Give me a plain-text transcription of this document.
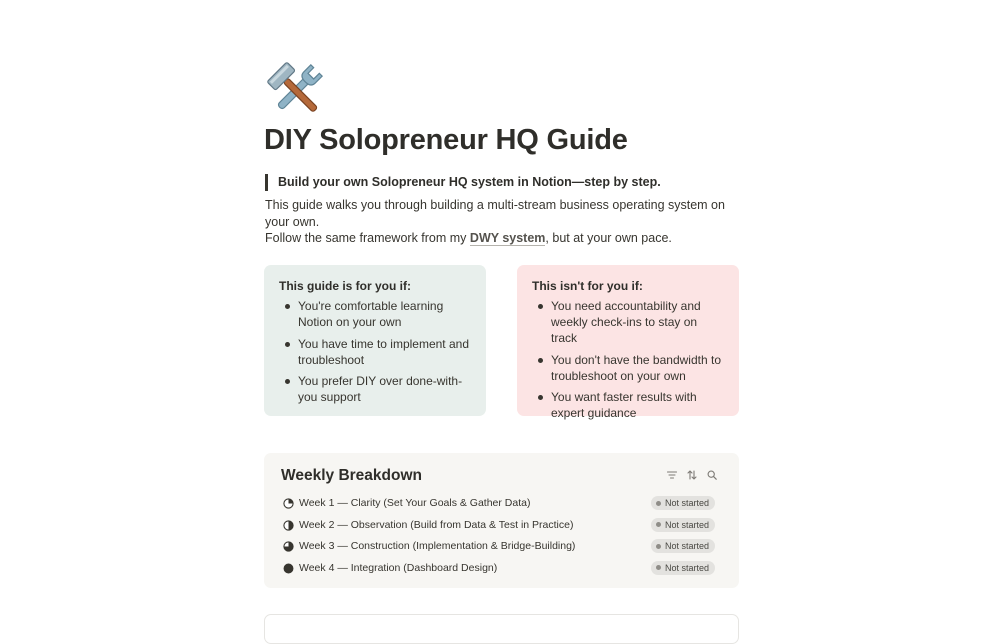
DIY Solopreneur HQ Guide
Build your own Solopreneur HQ system in Notion—step by step.

This guide walks you through building a multi-stream business operating system on your own.

Follow the same framework from my DWY system, but at your own pace.

This guide is for you if:
You're comfortable learning Notion on your own
You have time to implement and troubleshoot
You prefer DIY over done-with-you support
This isn't for you if:
You need accountability and weekly check-ins to stay on track
You don't have the bandwidth to troubleshoot on your own
You want faster results with expert guidance
Weekly Breakdown
Week 1 — Clarity (Set Your Goals & Gather Data)	Not started
Week 2 — Observation (Build from Data & Test in Practice)	Not started
Week 3 — Construction (Implementation & Bridge-Building)	Not started
Week 4 — Integration (Dashboard Design)	Not started
